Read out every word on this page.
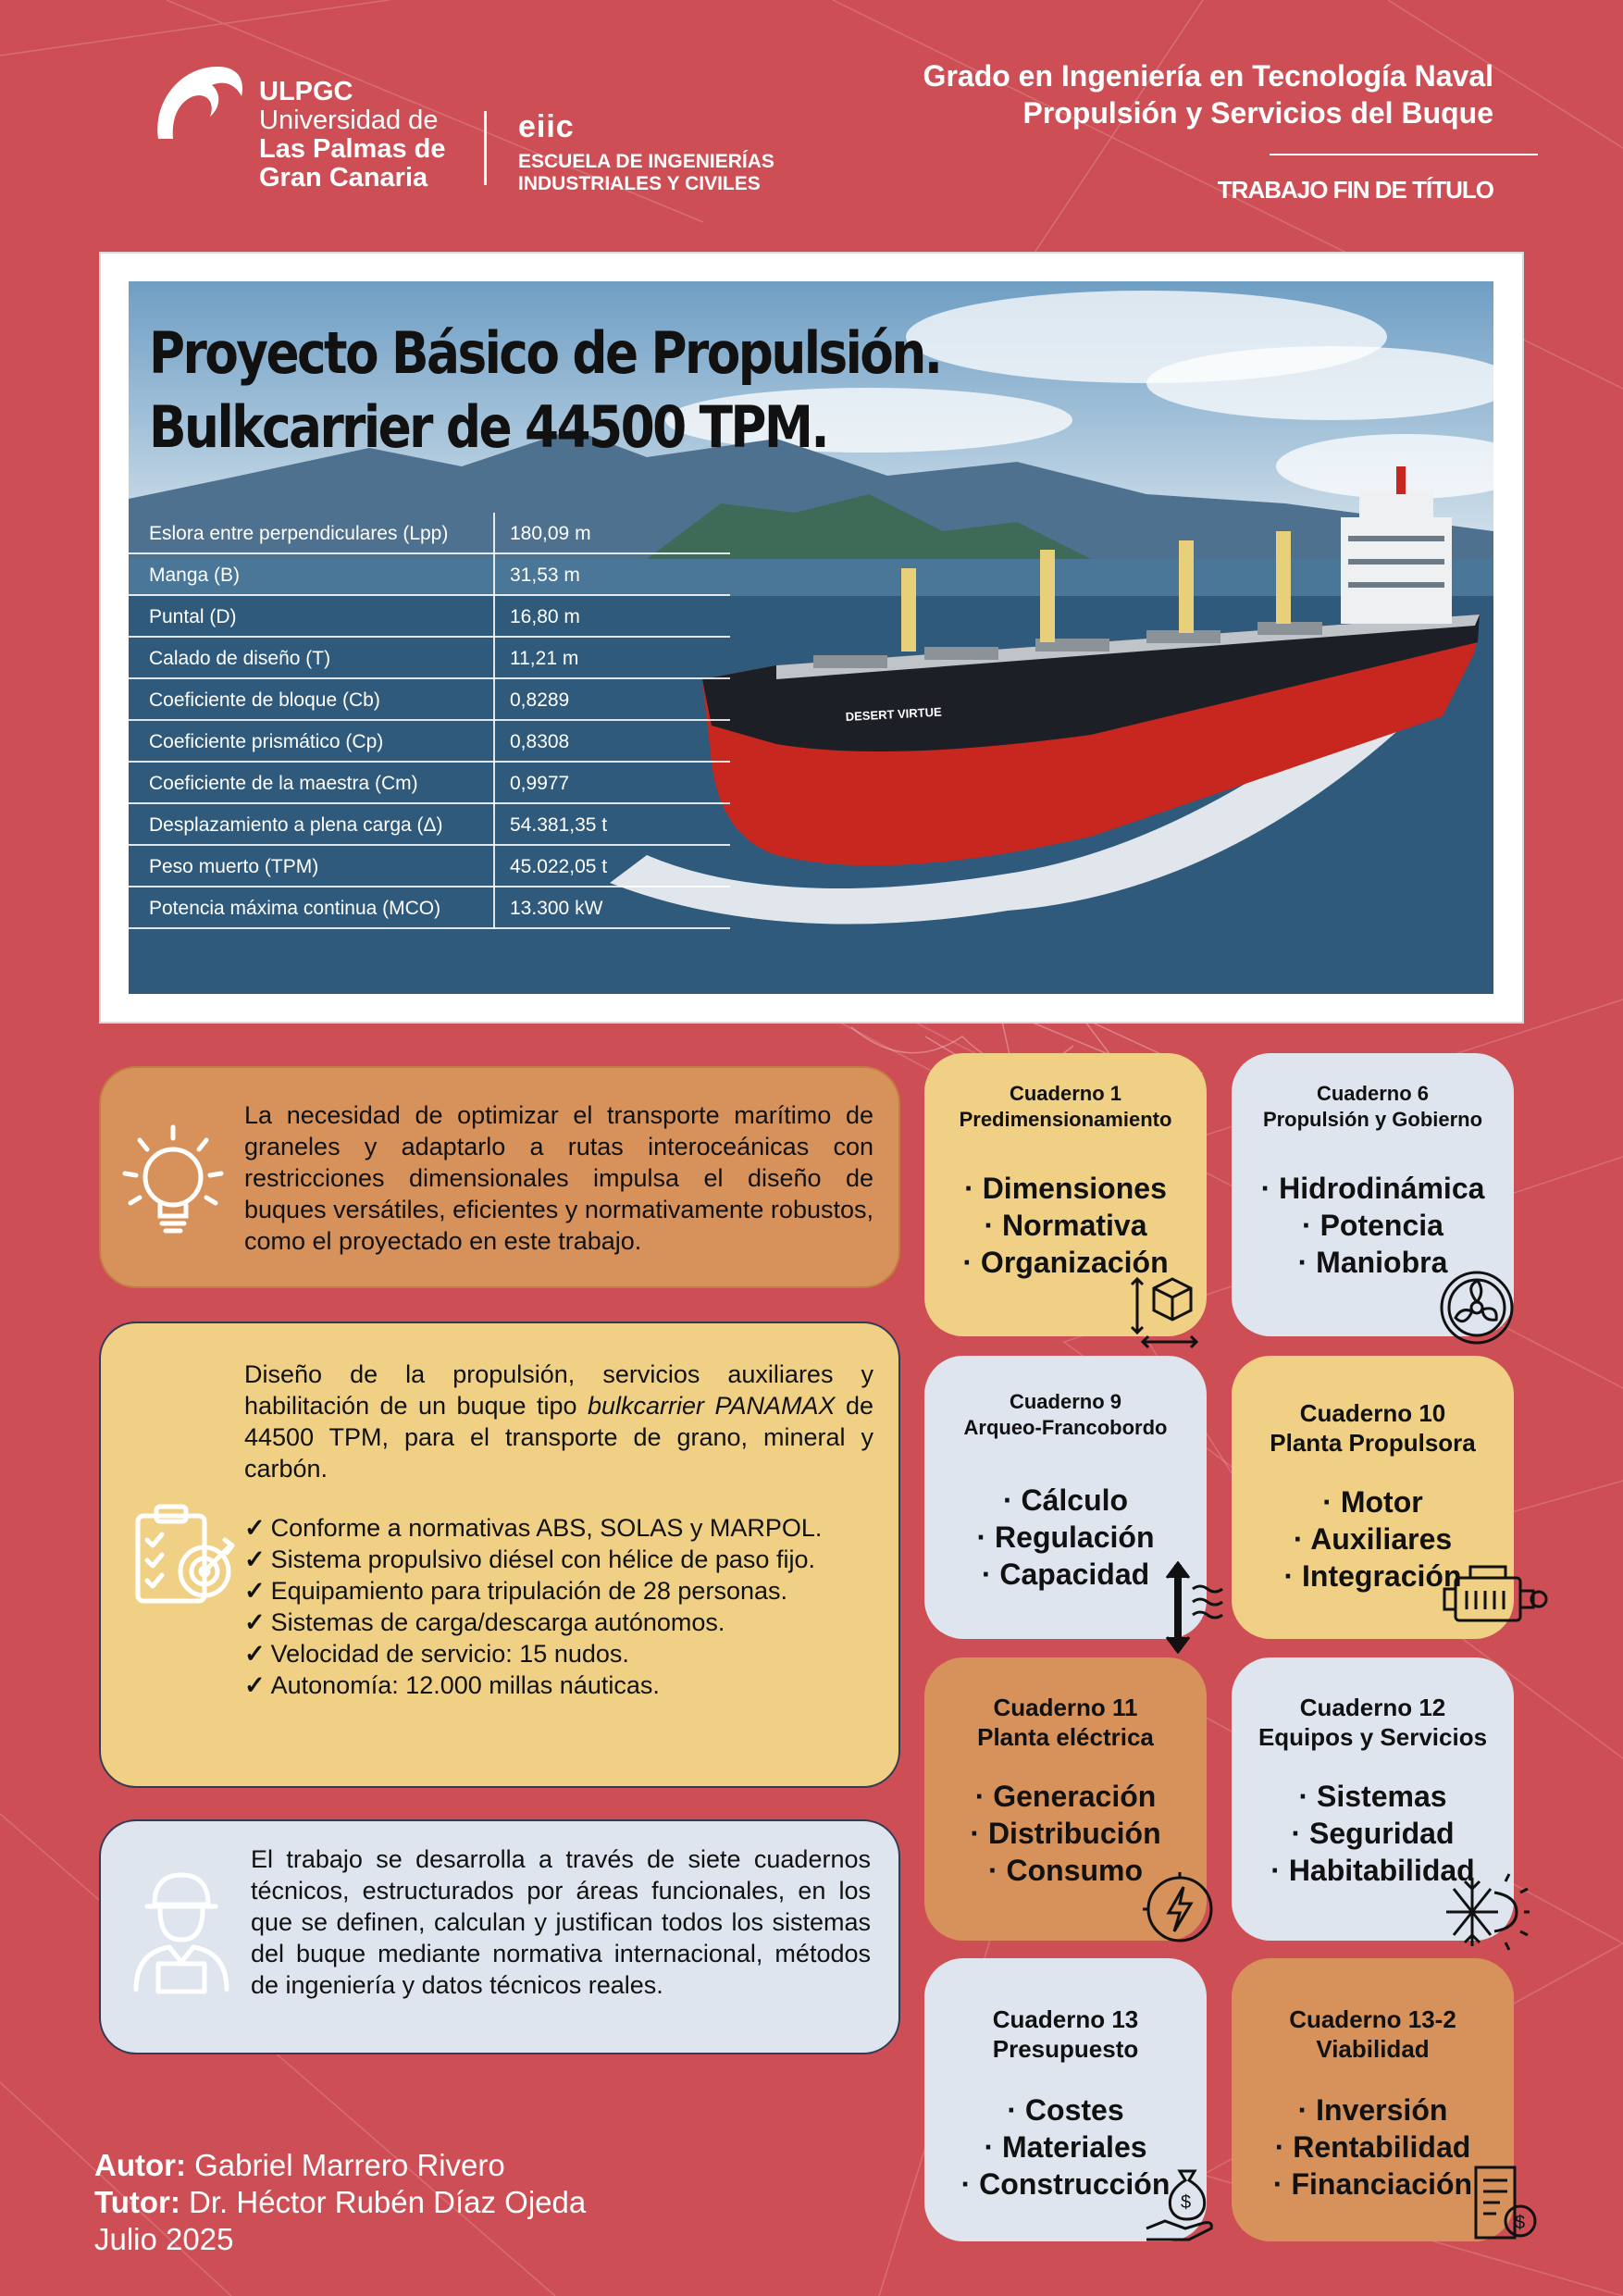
ULPGC
Universidad de
Las Palmas de
Gran Canaria
eiic
ESCUELA DE INGENIERÍAS
INDUSTRIALES Y CIVILES
Grado en Ingeniería en Tecnología Naval
Propulsión y Servicios del Buque
TRABAJO FIN DE TÍTULO
DESERT VIRTUE
Proyecto Básico de Propulsión.
Bulkcarrier de 44500 TPM.
Eslora entre perpendiculares (Lpp)	180,09 m
Manga (B)	31,53 m
Puntal (D)	16,80 m
Calado de diseño (T)	11,21 m
Coeficiente de bloque (Cb)	0,8289
Coeficiente prismático (Cp)	0,8308
Coeficiente de la maestra (Cm)	0,9977
Desplazamiento a plena carga (Δ)	54.381,35 t
Peso muerto (TPM)	45.022,05 t
Potencia máxima continua (MCO)	13.300 kW
La necesidad de optimizar el transporte marítimo de graneles y adaptarlo a rutas interoceánicas con restricciones dimensionales impulsa el diseño de buques versátiles, eficientes y normativamente robustos, como el proyectado en este trabajo.
Diseño de la propulsión, servicios auxiliares y habilitación de un buque tipo bulkcarrier PANAMAX de 44500 TPM, para el transporte de grano, mineral y carbón.
✓ Conforme a normativas ABS, SOLAS y MARPOL.
✓ Sistema propulsivo diésel con hélice de paso fijo.
✓ Equipamiento para tripulación de 28 personas.
✓ Sistemas de carga/descarga autónomos.
✓ Velocidad de servicio: 15 nudos.
✓ Autonomía: 12.000 millas náuticas.
El trabajo se desarrolla a través de siete cuadernos técnicos, estructurados por áreas funcionales, en los que se definen, calculan y justifican todos los sistemas del buque mediante normativa internacional, métodos de ingeniería y datos técnicos reales.
Cuaderno 1
Predimensionamiento
· Dimensiones
· Normativa
· Organización
Cuaderno 6
Propulsión y Gobierno
· Hidrodinámica
· Potencia
· Maniobra
Cuaderno 9
Arqueo-Francobordo
· Cálculo
· Regulación
· Capacidad
Cuaderno 10
Planta Propulsora
· Motor
· Auxiliares
· Integración
Cuaderno 11
Planta eléctrica
· Generación
· Distribución
· Consumo
Cuaderno 12
Equipos y Servicios
· Sistemas
· Seguridad
· Habitabilidad
Cuaderno 13
Presupuesto
· Costes
· Materiales
· Construcción
$
Cuaderno 13-2
Viabilidad
· Inversión
· Rentabilidad
· Financiación
$
Autor: Gabriel Marrero Rivero
Tutor: Dr. Héctor Rubén Díaz Ojeda
Julio 2025
